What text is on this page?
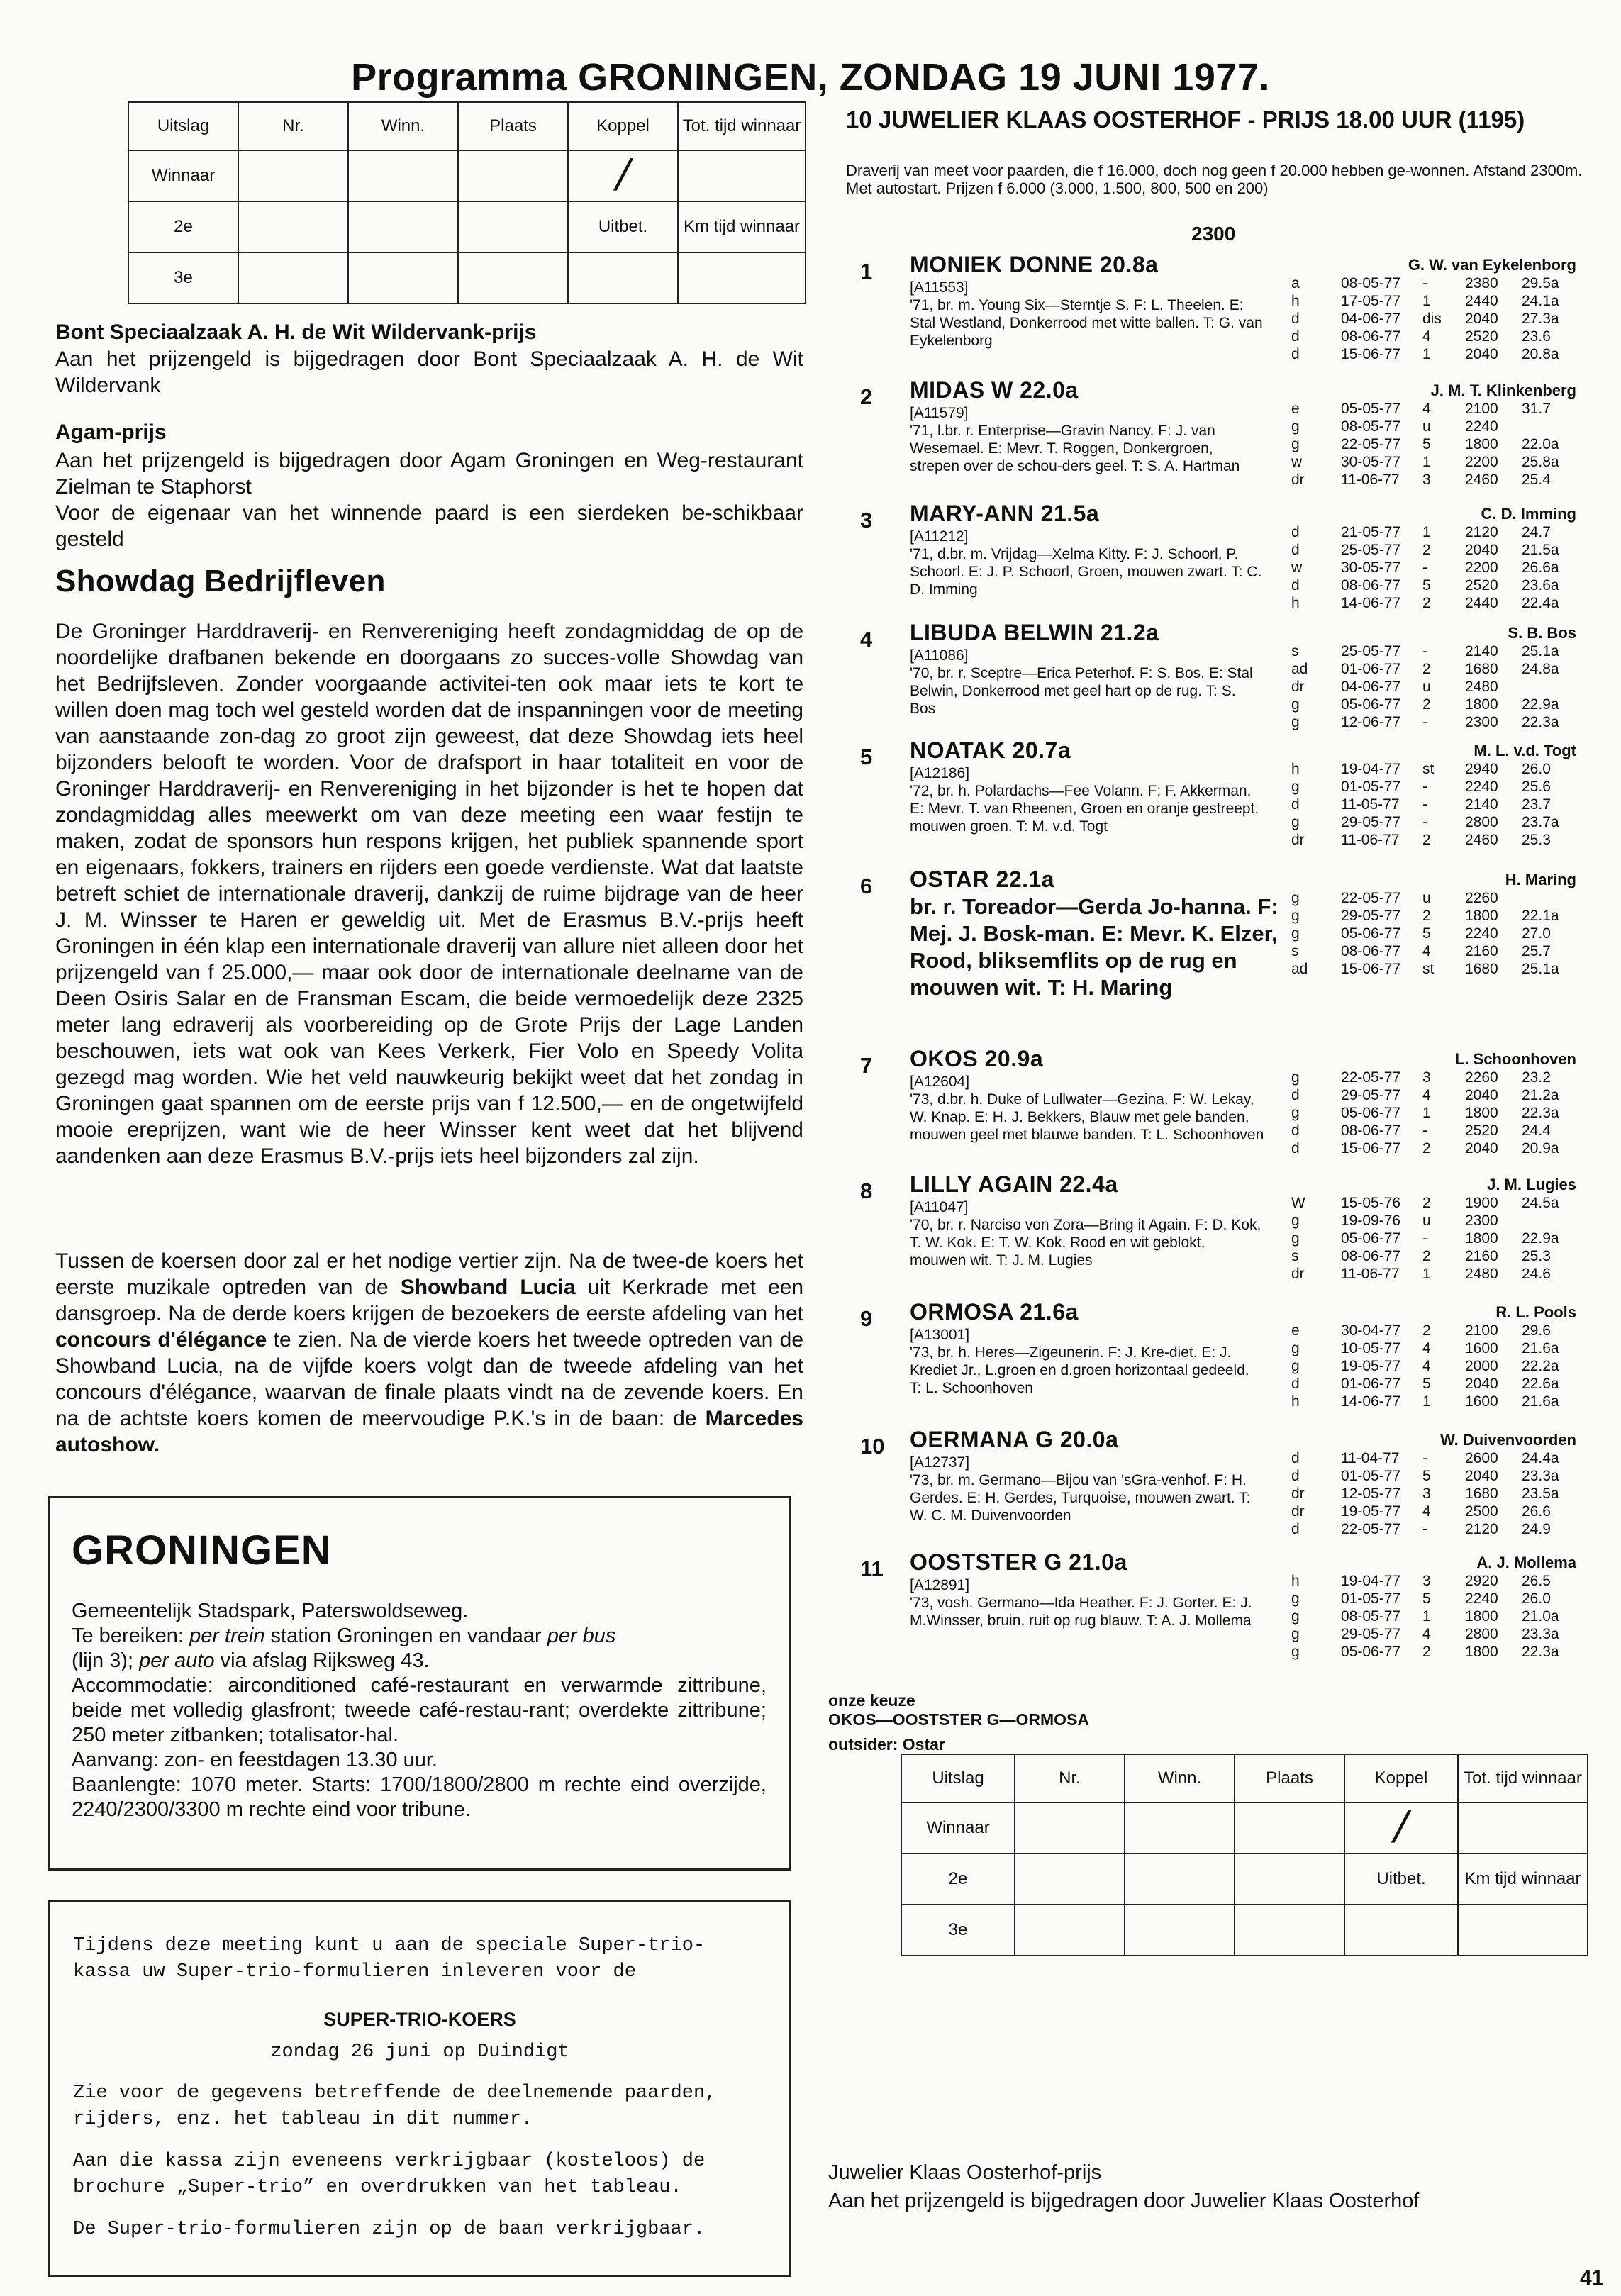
Programma GRONINGEN, ZONDAG 19 JUNI 1977.
Uitslag	Nr.	Winn.	Plaats	Koppel	Tot. tijd winnaar
Winnaar				/	
2e				Uitbet.	Km tijd winnaar
3e					
Bont Speciaalzaak A. H. de Wit Wildervank-prijs
Aan het prijzengeld is bijgedragen door Bont Speciaalzaak A. H. de Wit Wildervank
Agam-prijs
Aan het prijzengeld is bijgedragen door Agam Groningen en Weg-restaurant Zielman te Staphorst
Voor de eigenaar van het winnende paard is een sierdeken be-schikbaar gesteld
Showdag Bedrijfleven
De Groninger Harddraverij- en Renvereniging heeft zondagmiddag de op de noordelijke drafbanen bekende en doorgaans zo succes-volle Showdag van het Bedrijfsleven. Zonder voorgaande activitei-ten ook maar iets te kort te willen doen mag toch wel gesteld worden dat de inspanningen voor de meeting van aanstaande zon-dag zo groot zijn geweest, dat deze Showdag iets heel bijzonders belooft te worden. Voor de drafsport in haar totaliteit en voor de Groninger Harddraverij- en Renvereniging in het bijzonder is het te hopen dat zondagmiddag alles meewerkt om van deze meeting een waar festijn te maken, zodat de sponsors hun respons krijgen, het publiek spannende sport en eigenaars, fokkers, trainers en rijders een goede verdienste. Wat dat laatste betreft schiet de internationale draverij, dankzij de ruime bijdrage van de heer J. M. Winsser te Haren er geweldig uit. Met de Erasmus B.V.-prijs heeft Groningen in één klap een internationale draverij van allure niet alleen door het prijzengeld van f 25.000,— maar ook door de internationale deelname van de Deen Osiris Salar en de Fransman Escam, die beide vermoedelijk deze 2325 meter lang edraverij als voorbereiding op de Grote Prijs der Lage Landen beschouwen, iets wat ook van Kees Verkerk, Fier Volo en Speedy Volita gezegd mag worden. Wie het veld nauwkeurig bekijkt weet dat het zondag in Groningen gaat spannen om de eerste prijs van f 12.500,— en de ongetwijfeld mooie ereprijzen, want wie de heer Winsser kent weet dat het blijvend aandenken aan deze Erasmus B.V.-prijs iets heel bijzonders zal zijn.
Tussen de koersen door zal er het nodige vertier zijn. Na de twee-de koers het eerste muzikale optreden van de Showband Lucia uit Kerkrade met een dansgroep. Na de derde koers krijgen de bezoekers de eerste afdeling van het concours d'élégance te zien. Na de vierde koers het tweede optreden van de Showband Lucia, na de vijfde koers volgt dan de tweede afdeling van het concours d'élégance, waarvan de finale plaats vindt na de zevende koers. En na de achtste koers komen de meervoudige P.K.'s in de baan: de Marcedes autoshow.
GRONINGEN
Gemeentelijk Stadspark, Paterswoldseweg.
Te bereiken: per trein station Groningen en vandaar per bus
(lijn 3); per auto via afslag Rijksweg 43.
Accommodatie: airconditioned café-restaurant en verwarmde zittribune, beide met volledig glasfront; tweede café-restau-rant; overdekte zittribune; 250 meter zitbanken; totalisator-hal.
Aanvang: zon- en feestdagen 13.30 uur.
Baanlengte: 1070 meter. Starts: 1700/1800/2800 m rechte eind overzijde, 2240/2300/3300 m rechte eind voor tribune.
Tijdens deze meeting kunt u aan de speciale Super-trio-kassa uw Super-trio-formulieren inleveren voor de
SUPER-TRIO-KOERS
zondag 26 juni op Duindigt
Zie voor de gegevens betreffende de deelnemende paarden, rijders, enz. het tableau in dit nummer.
Aan die kassa zijn eveneens verkrijgbaar (kosteloos) de brochure „Super-trio” en overdrukken van het tableau.
De Super-trio-formulieren zijn op de baan verkrijgbaar.
10 JUWELIER KLAAS OOSTERHOF - PRIJS 18.00 UUR (1195)
Draverij van meet voor paarden, die f 16.000, doch nog geen f 20.000 hebben ge-wonnen. Afstand 2300m. Met autostart. Prijzen f 6.000 (3.000, 1.500, 800, 500 en 200)
2300
1 MONIEK DONNE 20.8a	G. W. van Eykelenborg
[A11553]
'71, br. m. Young Six—Sterntje S. F: L. Theelen. E: Stal Westland, Donkerrood met witte ballen. T: G. van Eykelenborg
a	08-05-77	-	2380	29.5a
h	17-05-77	1	2440	24.1a
d	04-06-77	dis	2040	27.3a
d	08-06-77	4	2520	23.6
d	15-06-77	1	2040	20.8a
2 MIDAS W 22.0a	J. M. T. Klinkenberg
[A11579]
'71, l.br. r. Enterprise—Gravin Nancy. F: J. van Wesemael. E: Mevr. T. Roggen, Donkergroen, strepen over de schou-ders geel. T: S. A. Hartman
e	05-05-77	4	2100	31.7
g	08-05-77	u	2240
g	22-05-77	5	1800	22.0a
w	30-05-77	1	2200	25.8a
dr	11-06-77	3	2460	25.4
3 MARY-ANN 21.5a	C. D. Imming
[A11212]
'71, d.br. m. Vrijdag—Xelma Kitty. F: J. Schoorl, P. Schoorl. E: J. P. Schoorl, Groen, mouwen zwart. T: C. D. Imming
d	21-05-77	1	2120	24.7
d	25-05-77	2	2040	21.5a
w	30-05-77	-	2200	26.6a
d	08-06-77	5	2520	23.6a
h	14-06-77	2	2440	22.4a
4 LIBUDA BELWIN 21.2a	S. B. Bos
[A11086]
'70, br. r. Sceptre—Erica Peterhof. F: S. Bos. E: Stal Belwin, Donkerrood met geel hart op de rug. T: S. Bos
s	25-05-77	-	2140	25.1a
ad	01-06-77	2	1680	24.8a
dr	04-06-77	u	2480
g	05-06-77	2	1800	22.9a
g	12-06-77	-	2300	22.3a
5 NOATAK 20.7a	M. L. v.d. Togt
[A12186]
'72, br. h. Polardachs—Fee Volann. F: F. Akkerman. E: Mevr. T. van Rheenen, Groen en oranje gestreept, mouwen groen. T: M. v.d. Togt
h	19-04-77	st	2940	26.0
g	01-05-77	-	2240	25.6
d	11-05-77	-	2140	23.7
g	29-05-77	-	2800	23.7a
dr	11-06-77	2	2460	25.3
6 OSTAR 22.1a	H. Maring
br. r. Toreador—Gerda Jo-hanna. F: Mej. J. Bosk-man. E: Mevr. K. Elzer, Rood, bliksemflits op de rug en mouwen wit. T: H. Maring
g	22-05-77	u	2260
g	29-05-77	2	1800	22.1a
g	05-06-77	5	2240	27.0
s	08-06-77	4	2160	25.7
ad	15-06-77	st	1680	25.1a
7 OKOS 20.9a	L. Schoonhoven
[A12604]
'73, d.br. h. Duke of Lullwater—Gezina. F: W. Lekay, W. Knap. E: H. J. Bekkers, Blauw met gele banden, mouwen geel met blauwe banden. T: L. Schoonhoven
g	22-05-77	3	2260	23.2
d	29-05-77	4	2040	21.2a
g	05-06-77	1	1800	22.3a
d	08-06-77	-	2520	24.4
d	15-06-77	2	2040	20.9a
8 LILLY AGAIN 22.4a	J. M. Lugies
[A11047]
'70, br. r. Narciso von Zora—Bring it Again. F: D. Kok, T. W. Kok. E: T. W. Kok, Rood en wit geblokt, mouwen wit. T: J. M. Lugies
W	15-05-76	2	1900	24.5a
g	19-09-76	u	2300
g	05-06-77	-	1800	22.9a
s	08-06-77	2	2160	25.3
dr	11-06-77	1	2480	24.6
9 ORMOSA 21.6a	R. L. Pools
[A13001]
'73, br. h. Heres—Zigeunerin. F: J. Kre-diet. E: J. Krediet Jr., L.groen en d.groen horizontaal gedeeld. T: L. Schoonhoven
e	30-04-77	2	2100	29.6
g	10-05-77	4	1600	21.6a
g	19-05-77	4	2000	22.2a
d	01-06-77	5	2040	22.6a
h	14-06-77	1	1600	21.6a
10 OERMANA G 20.0a	W. Duivenvoorden
[A12737]
'73, br. m. Germano—Bijou van 'sGra-venhof. F: H. Gerdes. E: H. Gerdes, Turquoise, mouwen zwart. T: W. C. M. Duivenvoorden
d	11-04-77	-	2600	24.4a
d	01-05-77	5	2040	23.3a
dr	12-05-77	3	1680	23.5a
dr	19-05-77	4	2500	26.6
d	22-05-77	-	2120	24.9
11 OOSTSTER G 21.0a	A. J. Mollema
[A12891]
'73, vosh. Germano—Ida Heather. F: J. Gorter. E: J. M.Winsser, bruin, ruit op rug blauw. T: A. J. Mollema
h	19-04-77	3	2920	26.5
g	01-05-77	5	2240	26.0
g	08-05-77	1	1800	21.0a
g	29-05-77	4	2800	23.3a
g	05-06-77	2	1800	22.3a
onze keuze
OKOS—OOSTSTER G—ORMOSA
outsider: Ostar
Uitslag	Nr.	Winn.	Plaats	Koppel	Tot. tijd winnaar
Winnaar				/	
2e				Uitbet.	Km tijd winnaar
3e					
Juwelier Klaas Oosterhof-prijs
Aan het prijzengeld is bijgedragen door Juwelier Klaas Oosterhof
41
